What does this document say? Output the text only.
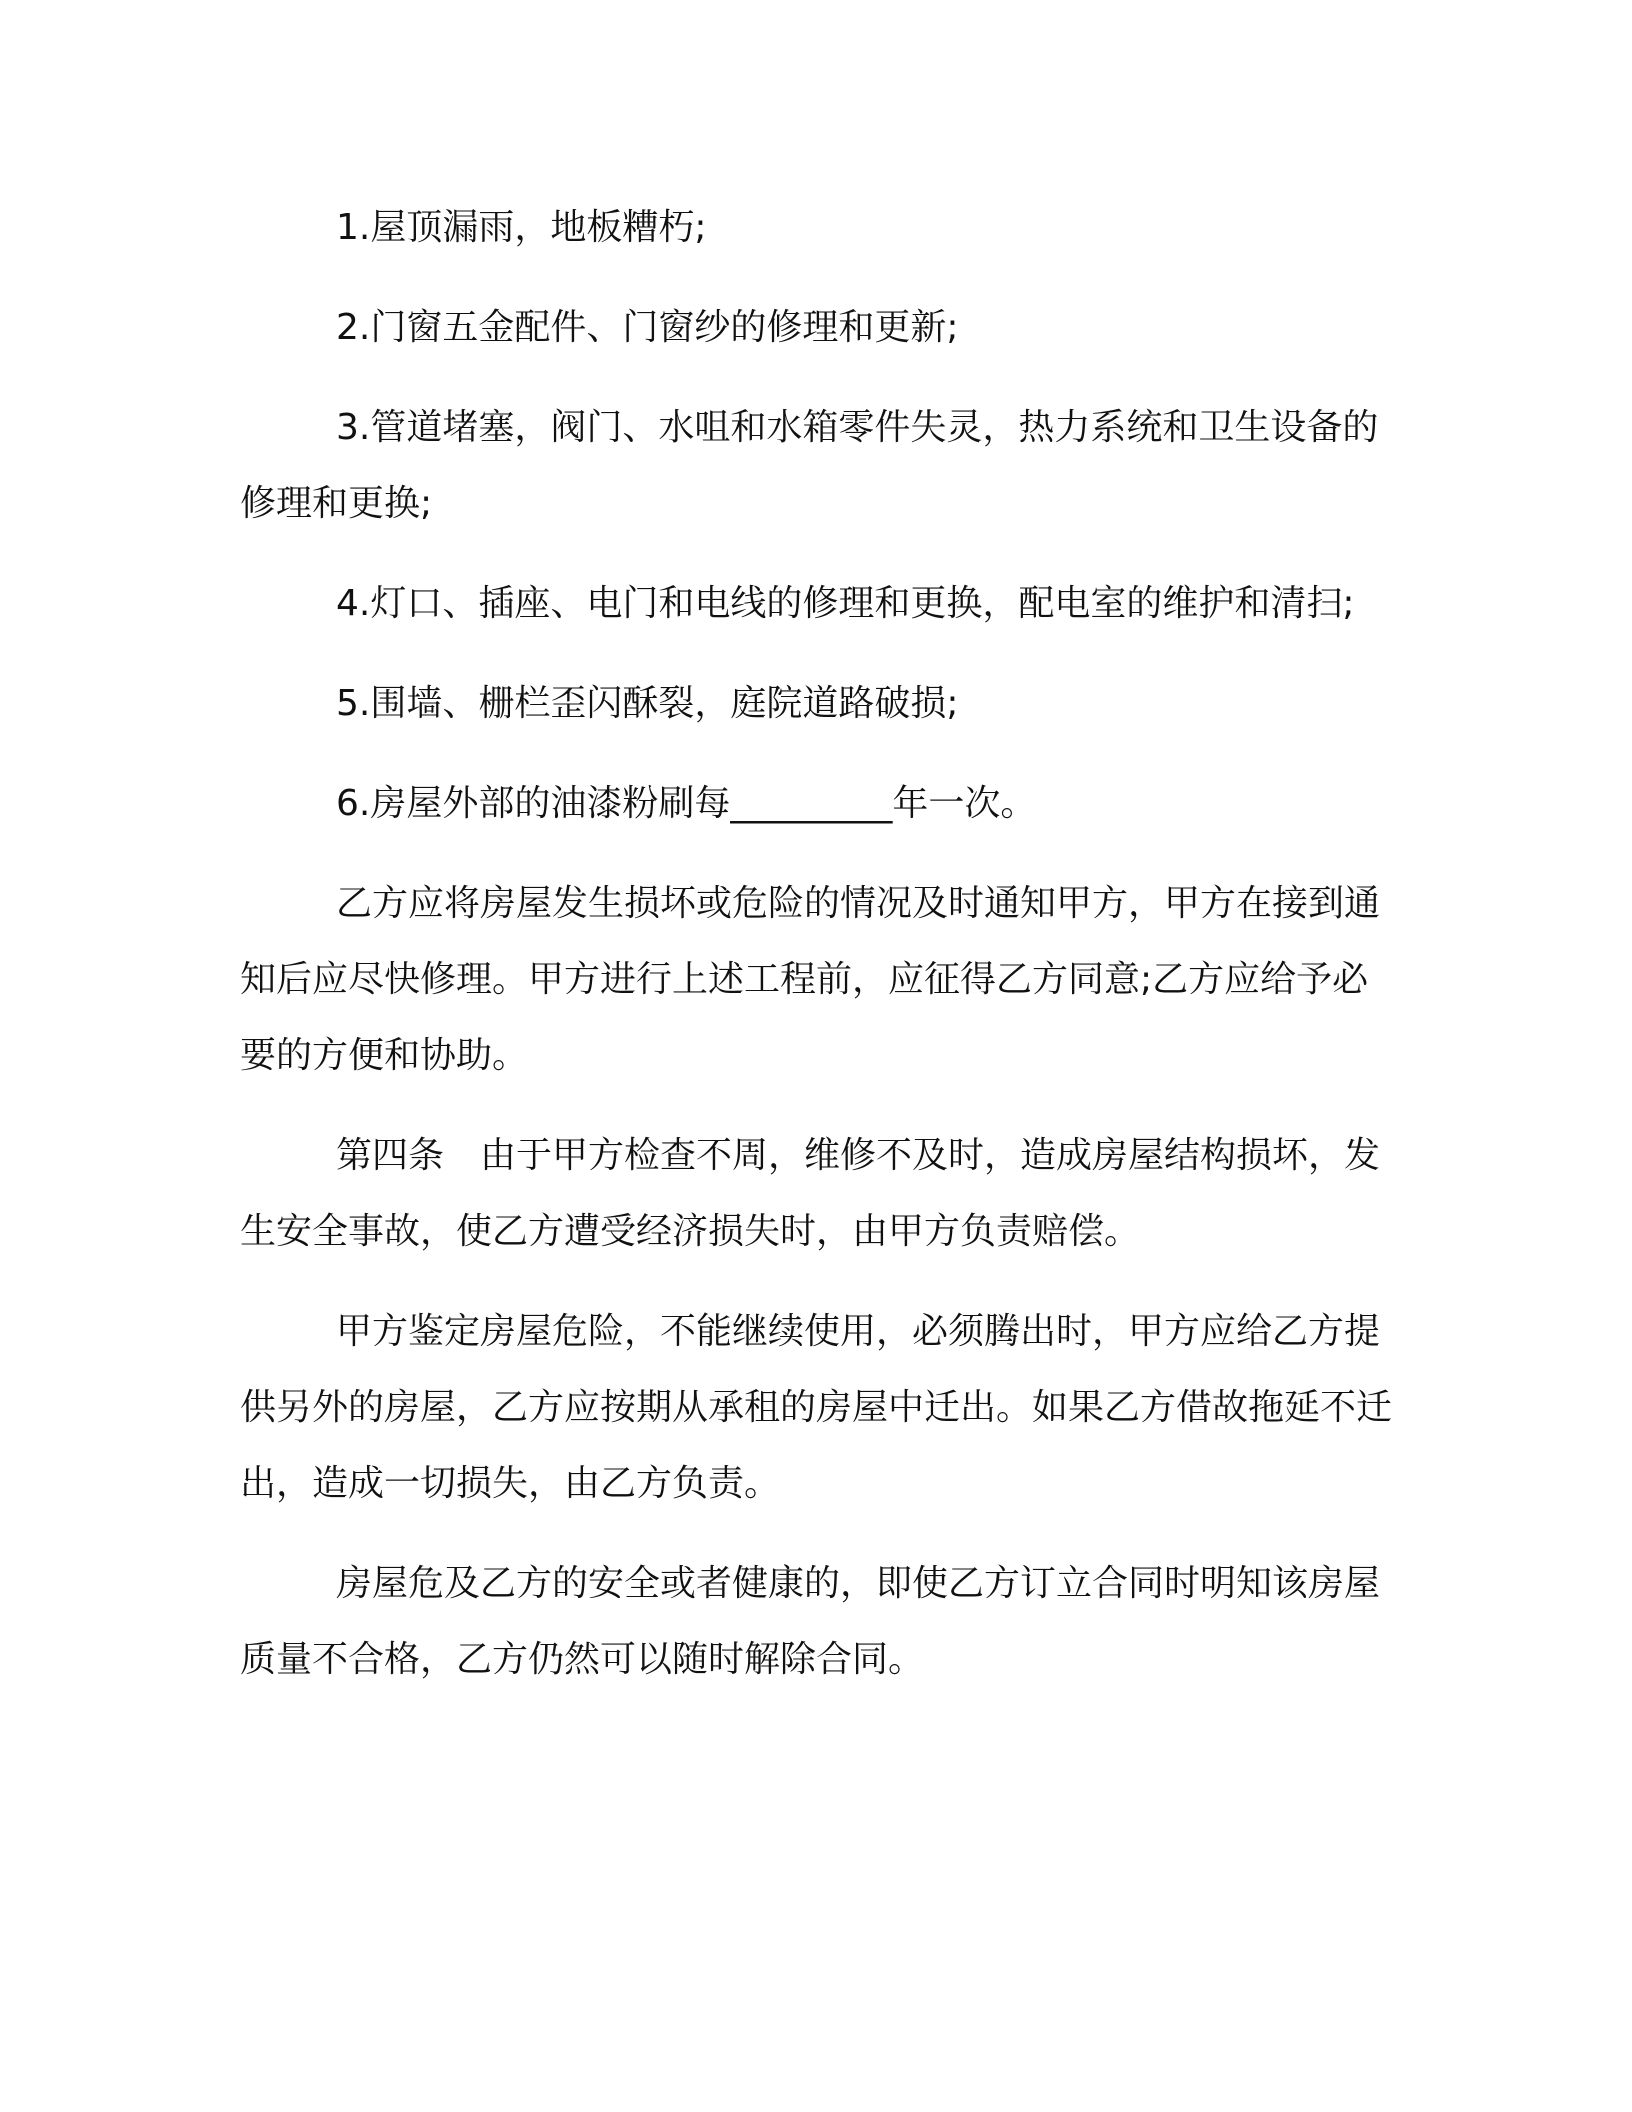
1.屋顶漏雨，地板糟朽;

2.门窗五金配件、门窗纱的修理和更新;

3.管道堵塞，阀门、水咀和水箱零件失灵，热力系统和卫生设备的修理和更换;

4.灯口、插座、电门和电线的修理和更换，配电室的维护和清扫;

5.围墙、栅栏歪闪酥裂，庭院道路破损;

6.房屋外部的油漆粉刷每_________年一次。

乙方应将房屋发生损坏或危险的情况及时通知甲方，甲方在接到通知后应尽快修理。甲方进行上述工程前，应征得乙方同意;乙方应给予必要的方便和协助。

第四条　由于甲方检查不周，维修不及时，造成房屋结构损坏，发生安全事故，使乙方遭受经济损失时，由甲方负责赔偿。

甲方鉴定房屋危险，不能继续使用，必须腾出时，甲方应给乙方提供另外的房屋，乙方应按期从承租的房屋中迁出。如果乙方借故拖延不迁出，造成一切损失，由乙方负责。

房屋危及乙方的安全或者健康的，即使乙方订立合同时明知该房屋质量不合格，乙方仍然可以随时解除合同。
